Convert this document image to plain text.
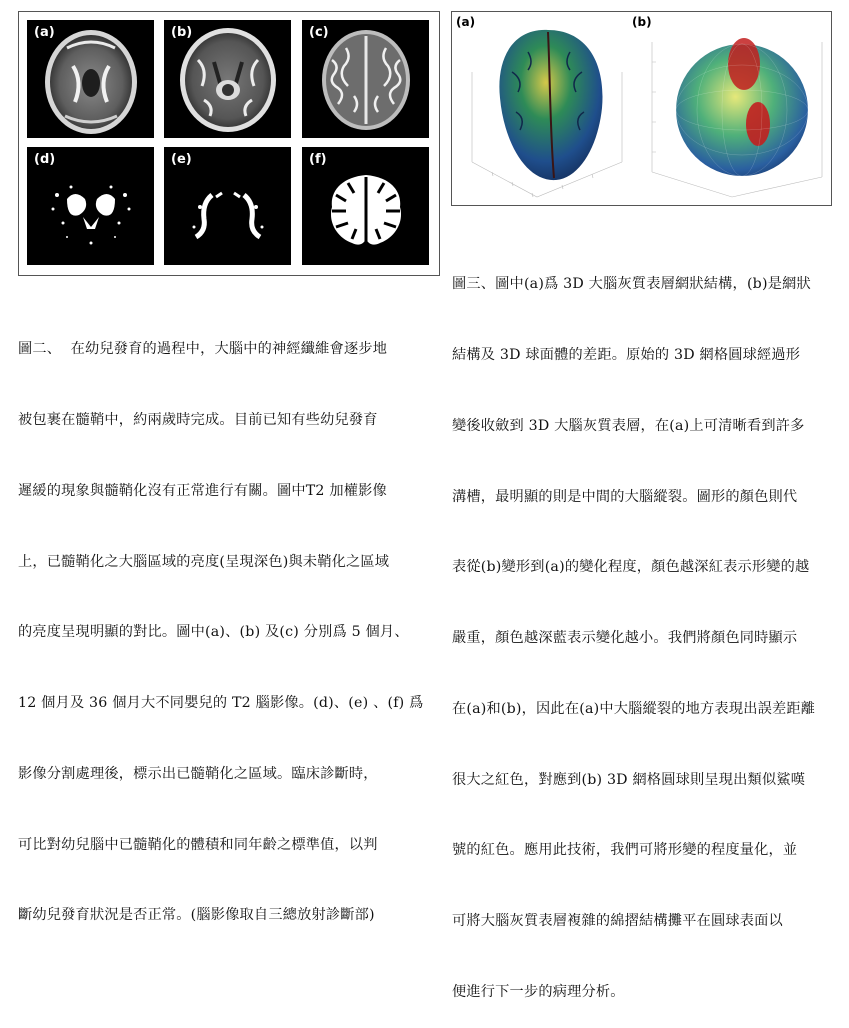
(a)	(b)	(c)
(d)	(e)	(f)
(a)	(b)

圖二、  在幼兒發育的過程中，大腦中的神經纖維會逐步地

被包裹在髓鞘中，約兩歲時完成。目前已知有些幼兒發育

遲緩的現象與髓鞘化沒有正常進行有關。圖中T2 加權影像

上，已髓鞘化之大腦區域的亮度(呈現深色)與未鞘化之區域

的亮度呈現明顯的對比。圖中(a)、(b) 及(c) 分別爲 5 個月、

12 個月及 36 個月大不同嬰兒的 T2 腦影像。(d)、(e) 、(f) 爲

影像分割處理後，標示出已髓鞘化之區域。臨床診斷時，

可比對幼兒腦中已髓鞘化的體積和同年齡之標準值，以判

斷幼兒發育狀況是否正常。(腦影像取自三總放射診斷部)

圖三、圖中(a)爲 3D 大腦灰質表層網狀結構，(b)是網狀

結構及 3D 球面體的差距。原始的 3D 網格圓球經過形

變後收斂到 3D 大腦灰質表層，在(a)上可清晰看到許多

溝槽，最明顯的則是中間的大腦縱裂。圖形的顏色則代

表從(b)變形到(a)的變化程度，顏色越深紅表示形變的越

嚴重，顏色越深藍表示變化越小。我們將顏色同時顯示

在(a)和(b)，因此在(a)中大腦縱裂的地方表現出誤差距離

很大之紅色，對應到(b) 3D 網格圓球則呈現出類似鯊嘆

號的紅色。應用此技術，我們可將形變的程度量化，並

可將大腦灰質表層複雜的綿摺結構攤平在圓球表面以

便進行下一步的病理分析。
